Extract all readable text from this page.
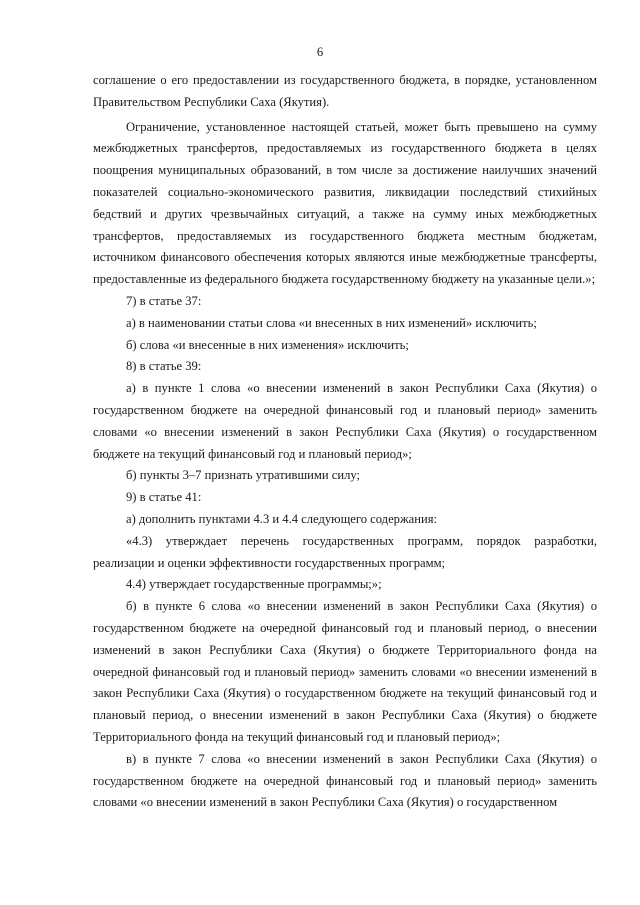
6

соглашение о его предоставлении из государственного бюджета, в порядке, установленном Правительством Республики Саха (Якутия).

Ограничение, установленное настоящей статьей, может быть превышено на сумму межбюджетных трансфертов, предоставляемых из государственного бюджета в целях поощрения муниципальных образований, в том числе за достижение наилучших значений показателей социально-экономического развития, ликвидации последствий стихийных бедствий и других чрезвычайных ситуаций, а также на сумму иных межбюджетных трансфертов, предоставляемых из государственного бюджета местным бюджетам, источником финансового обеспечения которых являются иные межбюджетные трансферты, предоставленные из федерального бюджета государственному бюджету на указанные цели.»;

7) в статье 37:

а) в наименовании статьи слова «и внесенных в них изменений» исключить;

б) слова «и внесенные в них изменения» исключить;

8) в статье 39:

а) в пункте 1 слова «о внесении изменений в закон Республики Саха (Якутия) о государственном бюджете на очередной финансовый год и плановый период» заменить словами «о внесении изменений в закон Республики Саха (Якутия) о государственном бюджете на текущий финансовый год и плановый период»;

б) пункты 3–7 признать утратившими силу;

9) в статье 41:

а) дополнить пунктами 4.3 и 4.4 следующего содержания:

«4.3) утверждает перечень государственных программ, порядок разработки, реализации и оценки эффективности государственных программ;

4.4) утверждает государственные программы;»;

б) в пункте 6 слова «о внесении изменений в закон Республики Саха (Якутия) о государственном бюджете на очередной финансовый год и плановый период, о внесении изменений в закон Республики Саха (Якутия) о бюджете Территориального фонда на очередной финансовый год и плановый период» заменить словами «о внесении изменений в закон Республики Саха (Якутия) о государственном бюджете на текущий финансовый год и плановый период, о внесении изменений в закон Республики Саха (Якутия) о бюджете Территориального фонда на текущий финансовый год и плановый период»;

в) в пункте 7 слова «о внесении изменений в закон Республики Саха (Якутия) о государственном бюджете на очередной финансовый год и плановый период» заменить словами «о внесении изменений в закон Республики Саха (Якутия) о государственном
